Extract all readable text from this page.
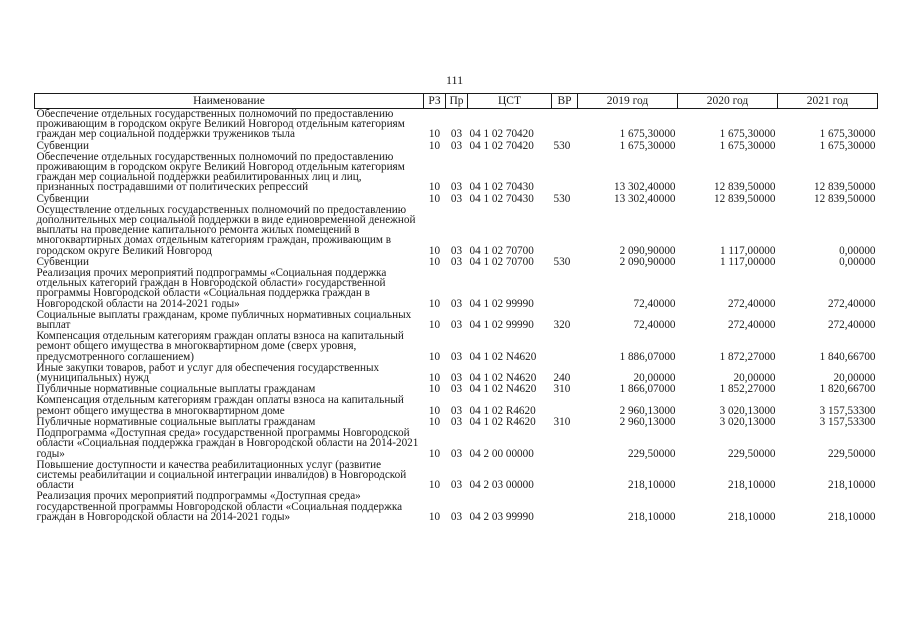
111
Наименование	РЗ	Пр	ЦСТ	ВР	2019 год	2020 год	2021 год
Обеспечение отдельных государственных полномочий по предоставлению проживающим в городском округе Великий Новгород отдельным категориям граждан мер социальной поддержки тружеников тыла	10	03	04 1 02 70420		1 675,30000	1 675,30000	1 675,30000
Субвенции	10	03	04 1 02 70420	530	1 675,30000	1 675,30000	1 675,30000
Обеспечение отдельных государственных полномочий по предоставлению проживающим в городском округе Великий Новгород отдельным категориям граждан мер социальной поддержки реабилитированных лиц и лиц, признанных пострадавшими от политических репрессий	10	03	04 1 02 70430		13 302,40000	12 839,50000	12 839,50000
Субвенции	10	03	04 1 02 70430	530	13 302,40000	12 839,50000	12 839,50000
Осуществление отдельных государственных полномочий по предоставлению дополнительных мер социальной поддержки в виде единовременной денежной выплаты на проведение капитального ремонта жилых помещений в многоквартирных домах отдельным категориям граждан, проживающим в городском округе Великий Новгород	10	03	04 1 02 70700		2 090,90000	1 117,00000	0,00000
Субвенции	10	03	04 1 02 70700	530	2 090,90000	1 117,00000	0,00000
Реализация прочих мероприятий подпрограммы «Социальная поддержка отдельных категорий граждан в Новгородской области» государственной программы Новгородской области «Социальная поддержка граждан в Новгородской области на 2014-2021 годы»	10	03	04 1 02 99990		72,40000	272,40000	272,40000
Социальные выплаты гражданам, кроме публичных нормативных социальных выплат	10	03	04 1 02 99990	320	72,40000	272,40000	272,40000
Компенсация отдельным категориям граждан оплаты взноса на капитальный ремонт общего имущества в многоквартирном доме (сверх уровня, предусмотренного соглашением)	10	03	04 1 02 N4620		1 886,07000	1 872,27000	1 840,66700
Иные закупки товаров, работ и услуг для обеспечения государственных (муниципальных) нужд	10	03	04 1 02 N4620	240	20,00000	20,00000	20,00000
Публичные нормативные социальные выплаты гражданам	10	03	04 1 02 N4620	310	1 866,07000	1 852,27000	1 820,66700
Компенсация отдельным категориям граждан оплаты взноса на капитальный ремонт общего имущества в многоквартирном доме	10	03	04 1 02 R4620		2 960,13000	3 020,13000	3 157,53300
Публичные нормативные социальные выплаты гражданам	10	03	04 1 02 R4620	310	2 960,13000	3 020,13000	3 157,53300
Подпрограмма «Доступная среда» государственной программы Новгородской области «Социальная поддержка граждан в Новгородской области на 2014-2021 годы»	10	03	04 2 00 00000		229,50000	229,50000	229,50000
Повышение доступности и качества реабилитационных услуг (развитие системы реабилитации и социальной интеграции инвалидов) в Новгородской области	10	03	04 2 03 00000		218,10000	218,10000	218,10000
Реализация прочих мероприятий подпрограммы «Доступная среда» государственной программы Новгородской области «Социальная поддержка граждан в Новгородской области на 2014-2021 годы»	10	03	04 2 03 99990		218,10000	218,10000	218,10000
